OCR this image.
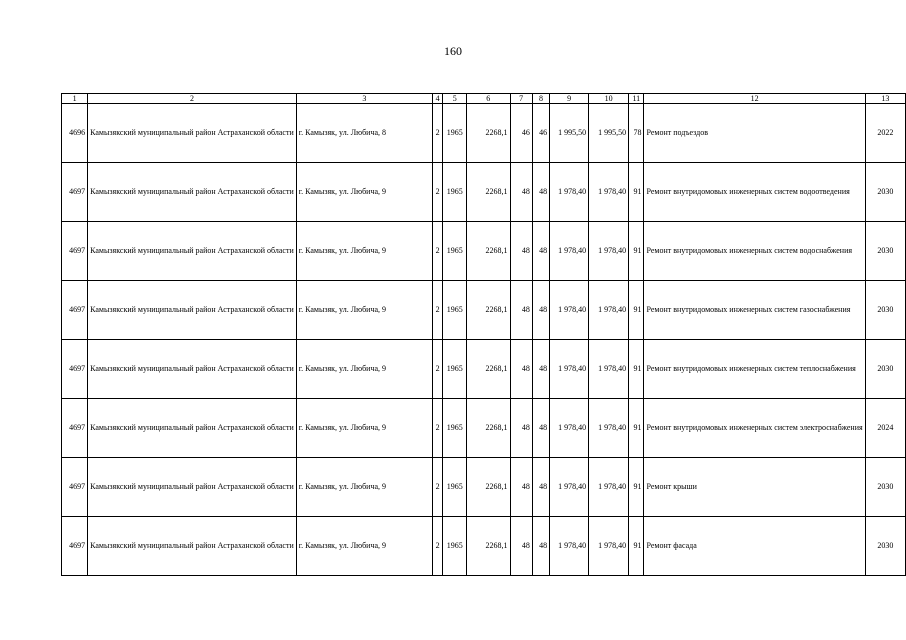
160
1	2	3	4	5	6	7	8	9	10	11	12	13
4696	Камызякский муниципальный район Астраханской области	г. Камызяк, ул. Любича, 8	2	1965	2268,1	46	46	1 995,50	1 995,50	78	Ремонт подъездов	2022
4697	Камызякский муниципальный район Астраханской области	г. Камызяк, ул. Любича, 9	2	1965	2268,1	48	48	1 978,40	1 978,40	91	Ремонт внутридомовых инженерных систем водоотведения	2030
4697	Камызякский муниципальный район Астраханской области	г. Камызяк, ул. Любича, 9	2	1965	2268,1	48	48	1 978,40	1 978,40	91	Ремонт внутридомовых инженерных систем водоснабжения	2030
4697	Камызякский муниципальный район Астраханской области	г. Камызяк, ул. Любича, 9	2	1965	2268,1	48	48	1 978,40	1 978,40	91	Ремонт внутридомовых инженерных систем газоснабжения	2030
4697	Камызякский муниципальный район Астраханской области	г. Камызяк, ул. Любича, 9	2	1965	2268,1	48	48	1 978,40	1 978,40	91	Ремонт внутридомовых инженерных систем теплоснабжения	2030
4697	Камызякский муниципальный район Астраханской области	г. Камызяк, ул. Любича, 9	2	1965	2268,1	48	48	1 978,40	1 978,40	91	Ремонт внутридомовых инженерных систем электроснабжения	2024
4697	Камызякский муниципальный район Астраханской области	г. Камызяк, ул. Любича, 9	2	1965	2268,1	48	48	1 978,40	1 978,40	91	Ремонт крыши	2030
4697	Камызякский муниципальный район Астраханской области	г. Камызяк, ул. Любича, 9	2	1965	2268,1	48	48	1 978,40	1 978,40	91	Ремонт фасада	2030
